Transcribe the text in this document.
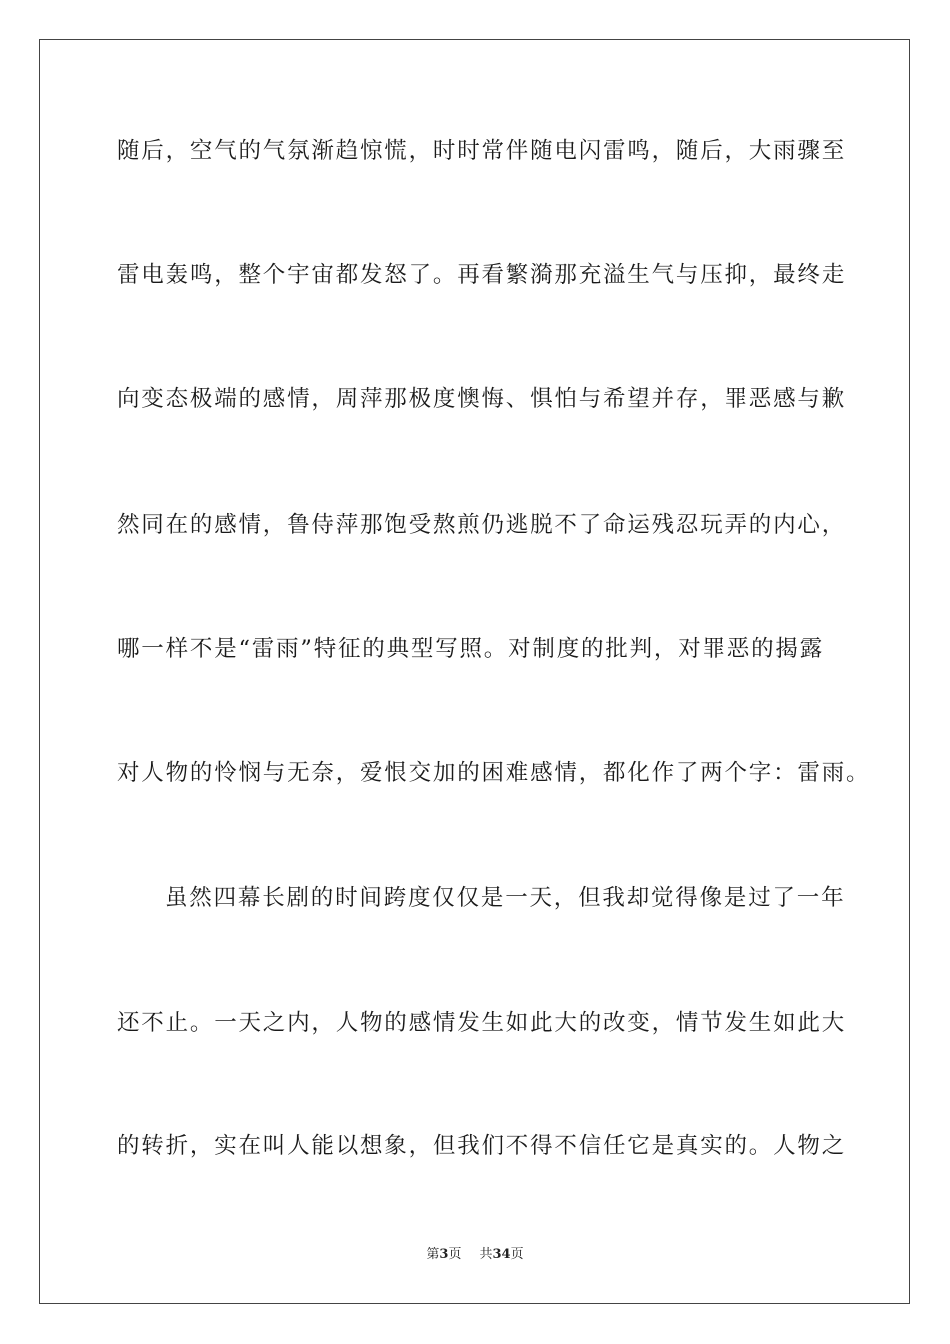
随后，空气的气氛渐趋惊慌，时时常伴随电闪雷鸣，随后，大雨骤至
雷电轰鸣，整个宇宙都发怒了。再看繁漪那充溢生气与压抑，最终走
向变态极端的感情，周萍那极度懊悔、惧怕与希望并存，罪恶感与歉
然同在的感情，鲁侍萍那饱受熬煎仍逃脱不了命运残忍玩弄的内心，
哪一样不是“雷雨”特征的典型写照。对制度的批判，对罪恶的揭露
对人物的怜悯与无奈，爱恨交加的困难感情，都化作了两个字：雷雨。
虽然四幕长剧的时间跨度仅仅是一天，但我却觉得像是过了一年
还不止。一天之内，人物的感情发生如此大的改变，情节发生如此大
的转折，实在叫人能以想象，但我们不得不信任它是真实的。人物之
第3页 共34页
